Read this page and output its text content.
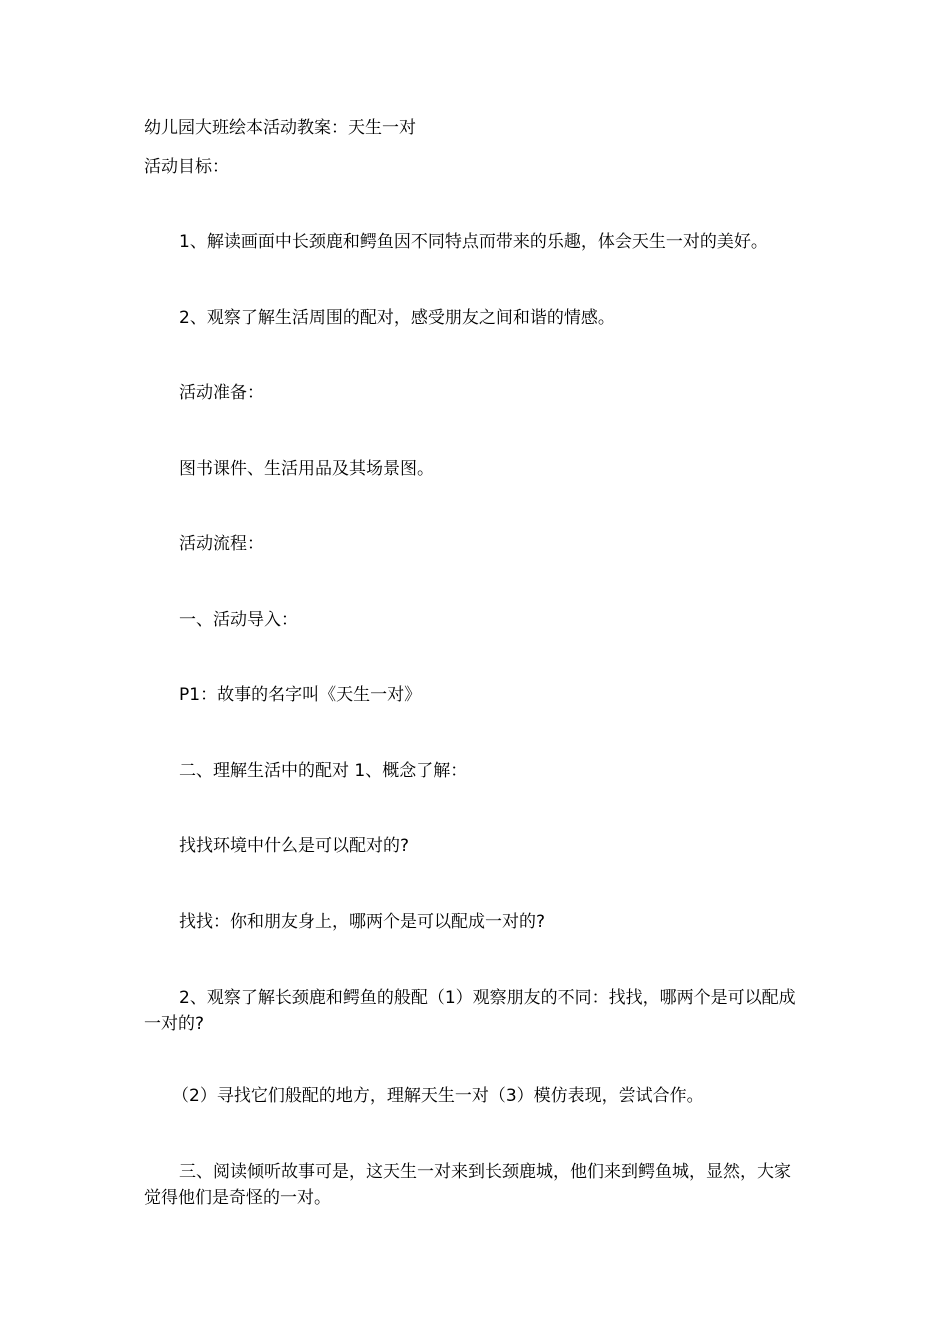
幼儿园大班绘本活动教案：天生一对
活动目标：
1、解读画面中长颈鹿和鳄鱼因不同特点而带来的乐趣，体会天生一对的美好。
2、观察了解生活周围的配对，感受朋友之间和谐的情感。
活动准备：
图书课件、生活用品及其场景图。
活动流程：
一、活动导入：
P1：故事的名字叫《天生一对》
二、理解生活中的配对 1、概念了解：
找找环境中什么是可以配对的?
找找：你和朋友身上，哪两个是可以配成一对的?
2、观察了解长颈鹿和鳄鱼的般配（1）观察朋友的不同：找找，哪两个是可以配成一对的?
（2）寻找它们般配的地方，理解天生一对（3）模仿表现，尝试合作。
三、阅读倾听故事可是，这天生一对来到长颈鹿城，他们来到鳄鱼城，显然，大家觉得他们是奇怪的一对。
